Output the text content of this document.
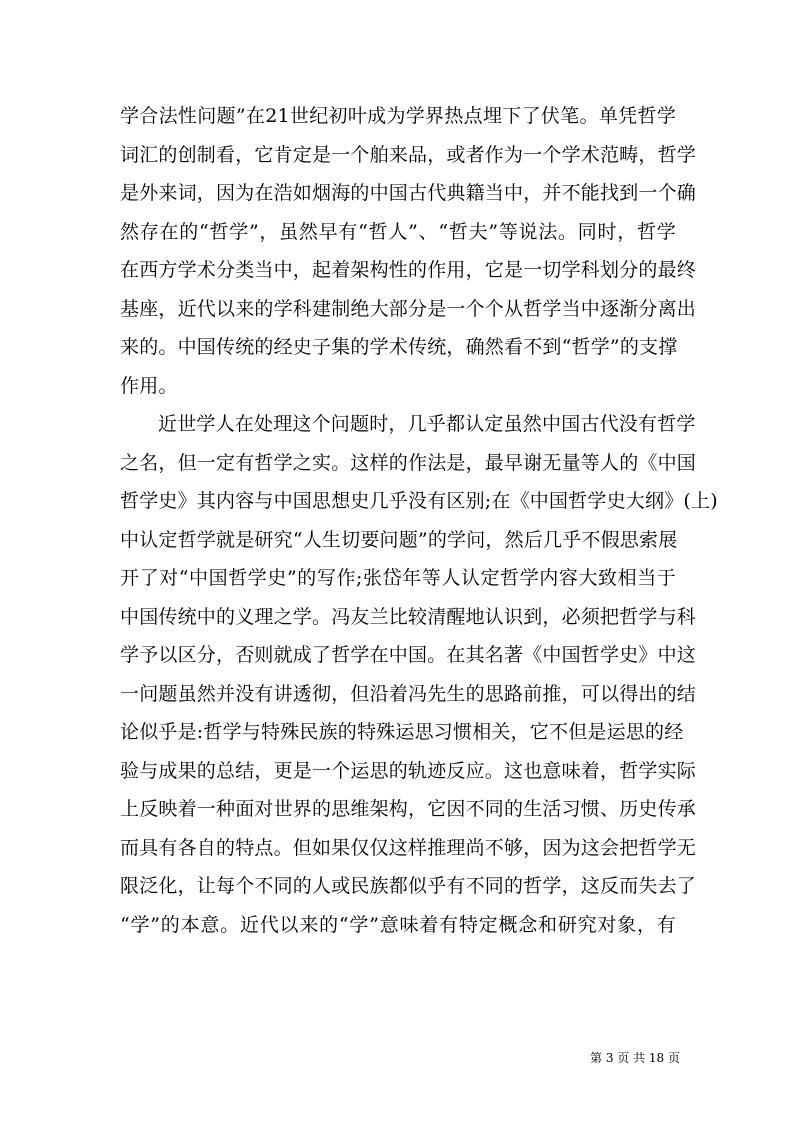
学合法性问题”在21世纪初叶成为学界热点埋下了伏笔。单凭哲学
词汇的创制看，它肯定是一个舶来品，或者作为一个学术范畴，哲学
是外来词，因为在浩如烟海的中国古代典籍当中，并不能找到一个确
然存在的“哲学”，虽然早有“哲人”、“哲夫”等说法。同时，哲学
在西方学术分类当中，起着架构性的作用，它是一切学科划分的最终
基座，近代以来的学科建制绝大部分是一个个从哲学当中逐渐分离出
来的。中国传统的经史子集的学术传统，确然看不到“哲学”的支撑
作用。
近世学人在处理这个问题时，几乎都认定虽然中国古代没有哲学
之名，但一定有哲学之实。这样的作法是，最早谢无量等人的《中国
哲学史》其内容与中国思想史几乎没有区别;在《中国哲学史大纲》(上)
中认定哲学就是研究“人生切要问题”的学问，然后几乎不假思索展
开了对“中国哲学史”的写作;张岱年等人认定哲学内容大致相当于
中国传统中的义理之学。冯友兰比较清醒地认识到，必须把哲学与科
学予以区分，否则就成了哲学在中国。在其名著《中国哲学史》中这
一问题虽然并没有讲透彻，但沿着冯先生的思路前推，可以得出的结
论似乎是:哲学与特殊民族的特殊运思习惯相关，它不但是运思的经
验与成果的总结，更是一个运思的轨迹反应。这也意味着，哲学实际
上反映着一种面对世界的思维架构，它因不同的生活习惯、历史传承
而具有各自的特点。但如果仅仅这样推理尚不够，因为这会把哲学无
限泛化，让每个不同的人或民族都似乎有不同的哲学，这反而失去了
“学”的本意。近代以来的“学”意味着有特定概念和研究对象，有
第 3 页 共 18 页
